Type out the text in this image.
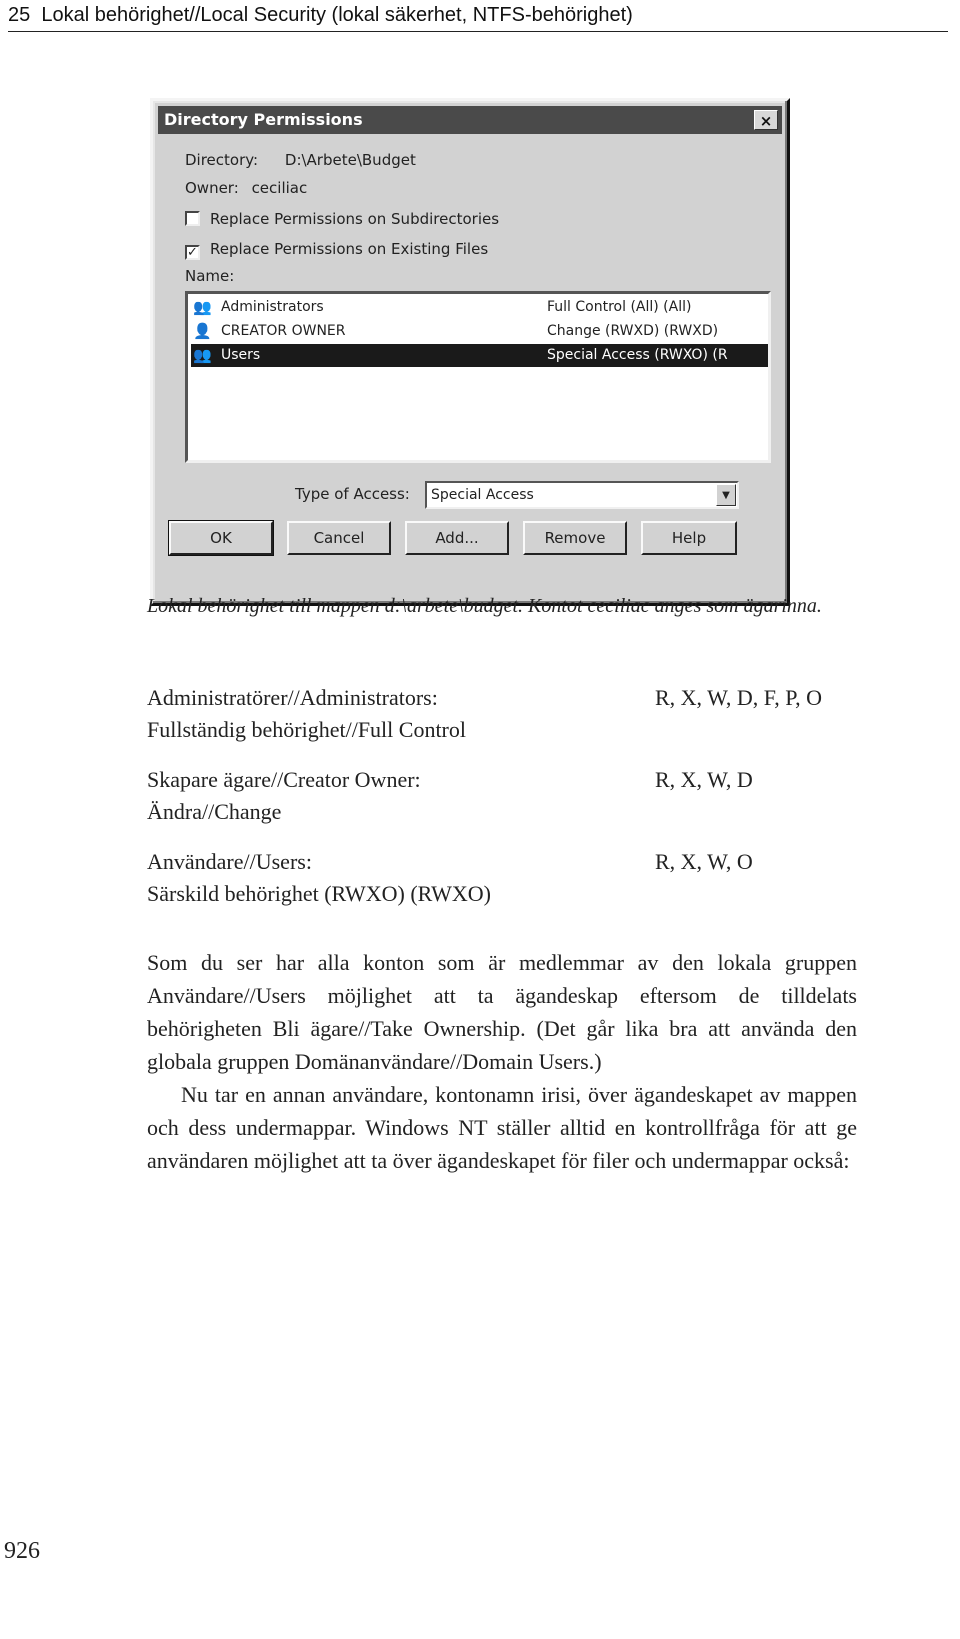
25 Lokal behörighet//Local Security (lokal säkerhet, NTFS-behörighet)
Directory Permissions	×
Directory: D:\Arbete\Budget
Owner: ceciliac
Replace Permissions on Subdirectories
✓ Replace Permissions on Existing Files
Name:
👥 Administrators	Full Control (All) (All)
👤 CREATOR OWNER	Change (RWXD) (RWXD)
👥 Users	Special Access (RWXO) (R
Type of Access:	Special Access	▼
OK	Cancel	Add...	Remove	Help
Lokal behörighet till mappen d:\arbete\budget. Kontot ceciliac anges som ägarinna.
Administratörer//Administrators:
Fullständig behörighet//Full Control
R, X, W, D, F, P, O
Skapare ägare//Creator Owner:
Ändra//Change
R, X, W, D
Användare//Users:
Särskild behörighet (RWXO) (RWXO)
R, X, W, O

Som du ser har alla konton som är medlemmar av den lokala gruppen Användare//Users möjlighet att ta ägandeskap eftersom de tilldelats behörigheten Bli ägare//Take Ownership. (Det går lika bra att använda den globala gruppen Domänanvändare//Domain Users.)

Nu tar en annan användare, kontonamn irisi, över ägandeskapet av mappen och dess undermappar. Windows NT ställer alltid en kontrollfråga för att ge användaren möjlighet att ta över ägandeskapet för filer och undermappar också:

926
